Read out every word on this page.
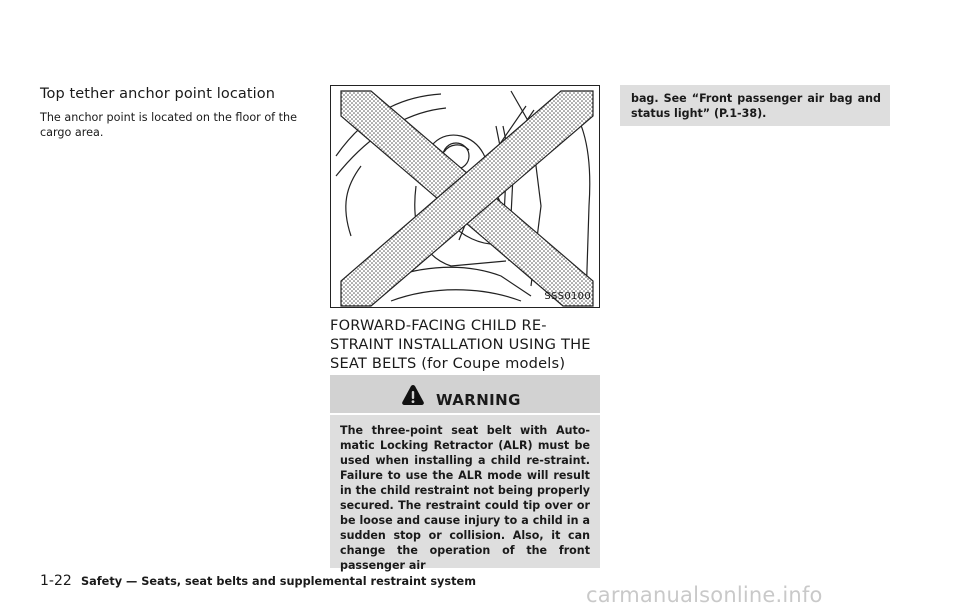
Top tether anchor point location
The anchor point is located on the floor of the cargo area.
SSS0100
FORWARD-FACING CHILD RE-
STRAINT INSTALLATION USING THE
SEAT BELTS (for Coupe models)
WARNING
The three-point seat belt with Auto-matic Locking Retractor (ALR) must be used when installing a child re-straint. Failure to use the ALR mode will result in the child restraint not being properly secured. The restraint could tip over or be loose and cause injury to a child in a sudden stop or collision. Also, it can change the operation of the front passenger air
bag. See “Front passenger air bag and status light” (P.1-38).
1-22 Safety — Seats, seat belts and supplemental restraint system
carmanualsonline.info
